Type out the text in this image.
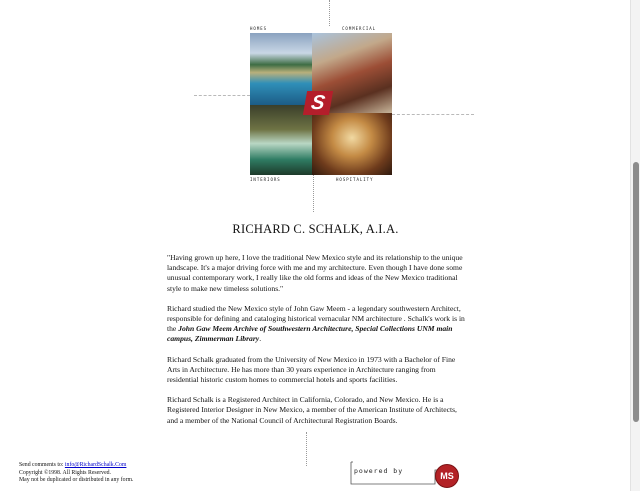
HOMES	COMMERCIAL
S
INTERIORS	HOSPITALITY
RICHARD C. SCHALK, A.I.A.

"Having grown up here, I love the traditional New Mexico style and its relationship to the unique landscape. It's a major driving force with me and my architecture. Even though I have done some unusual contemporary work, I really like the old forms and ideas of the New Mexico traditional style to make new timeless solutions."

Richard studied the New Mexico style of John Gaw Meem - a legendary southwestern Architect, responsible for defining and cataloging historical vernacular NM architecture . Schalk's work is in the John Gaw Meem Archive of Southwestern Architecture, Special Collections UNM main campus, Zimmerman Library.

Richard Schalk graduated from the University of New Mexico in 1973 with a Bachelor of Fine Arts in Architecture. He has more than 30 years experience in Architecture ranging from residential historic custom homes to commercial hotels and sports facilities.

Richard Schalk is a Registered Architect in California, Colorado, and New Mexico. He is a Registered Interior Designer in New Mexico, a member of the American Institute of Architects, and a member of the National Council of Architectural Registration Boards.

Send comments to: info@RichardSchalk.Com
Copyright ©1998. All Rights Reserved.
May not be duplicated or distributed in any form.
powered by	MS
